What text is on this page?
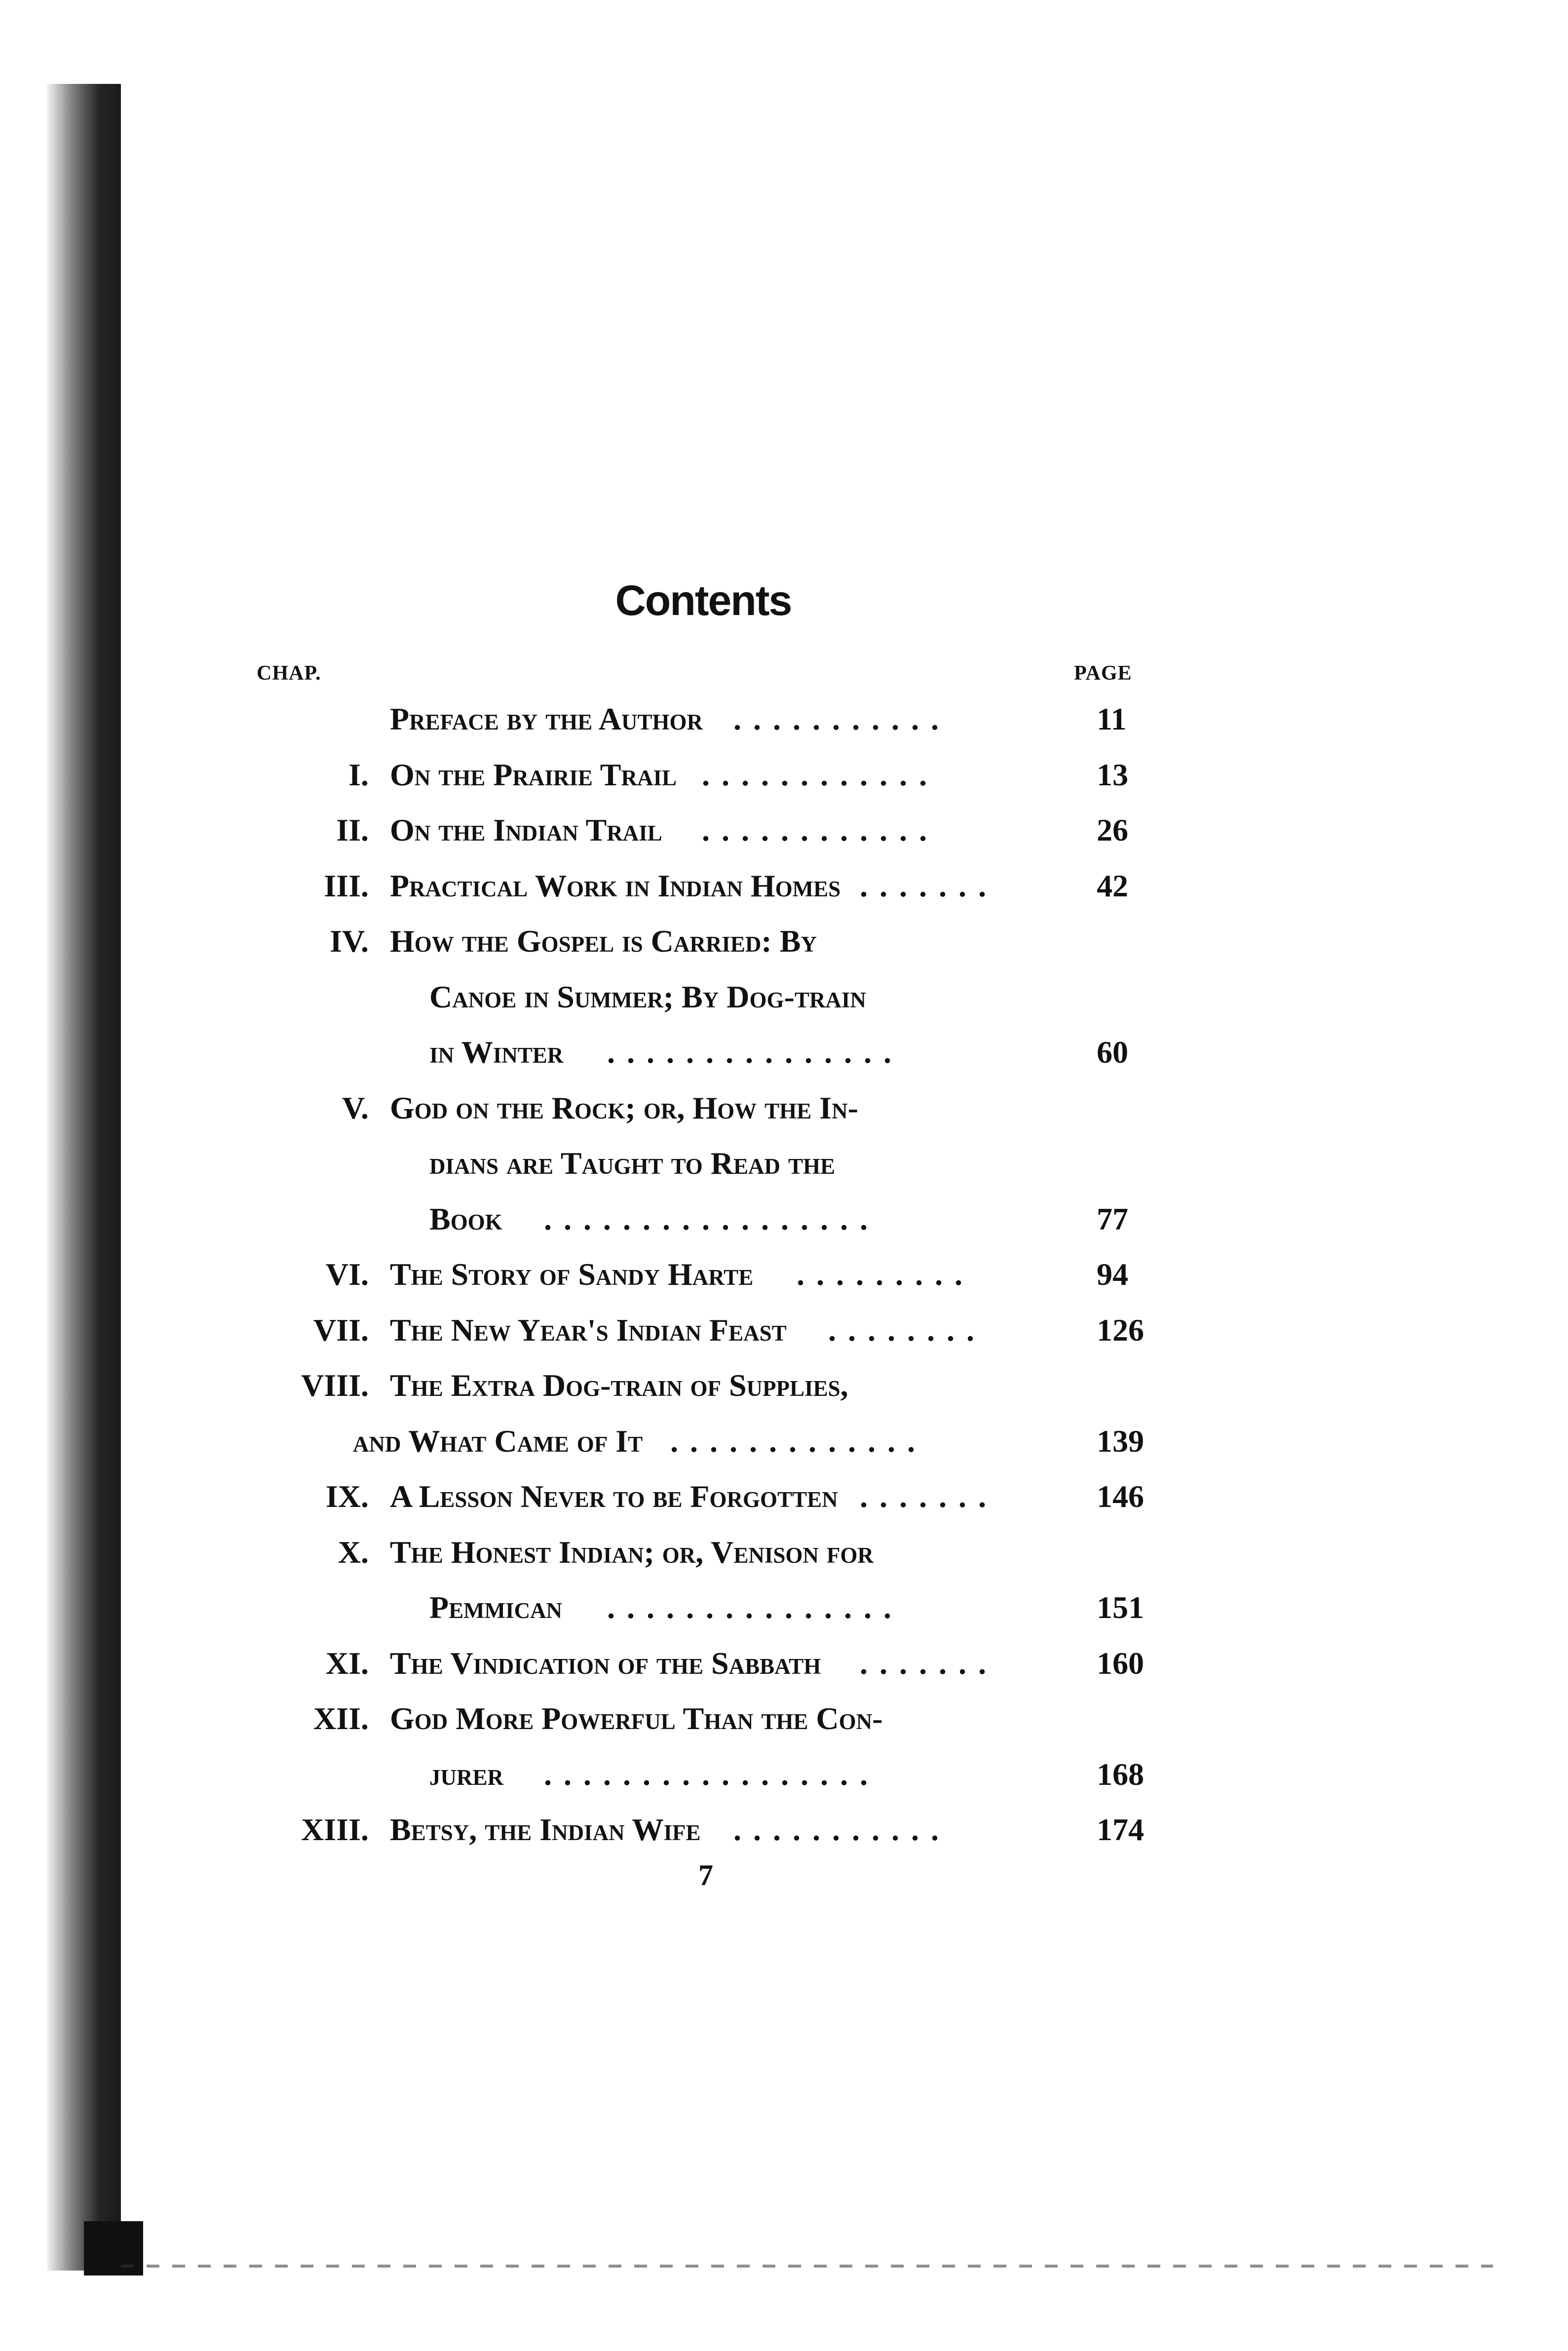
Contents
CHAP.	PAGE
Preface by the Author ...........	11
I. On the Prairie Trail ............	13
II. On the Indian Trail ............	26
III. Practical Work in Indian Homes .......	42
IV. How the Gospel is Carried: By
Canoe in Summer; By Dog-train
in Winter ...............	60
V. God on the Rock; or, How the In-
dians are Taught to Read the
Book .................	77
VI. The Story of Sandy Harte .........	94
VII. The New Year's Indian Feast ........	126
VIII. The Extra Dog-train of Supplies,
and What Came of It .............	139
IX. A Lesson Never to be Forgotten .......	146
X. The Honest Indian; or, Venison for
Pemmican ...............	151
XI. The Vindication of the Sabbath .......	160
XII. God More Powerful Than the Con-
jurer .................	168
XIII. Betsy, the Indian Wife ...........	174
7
